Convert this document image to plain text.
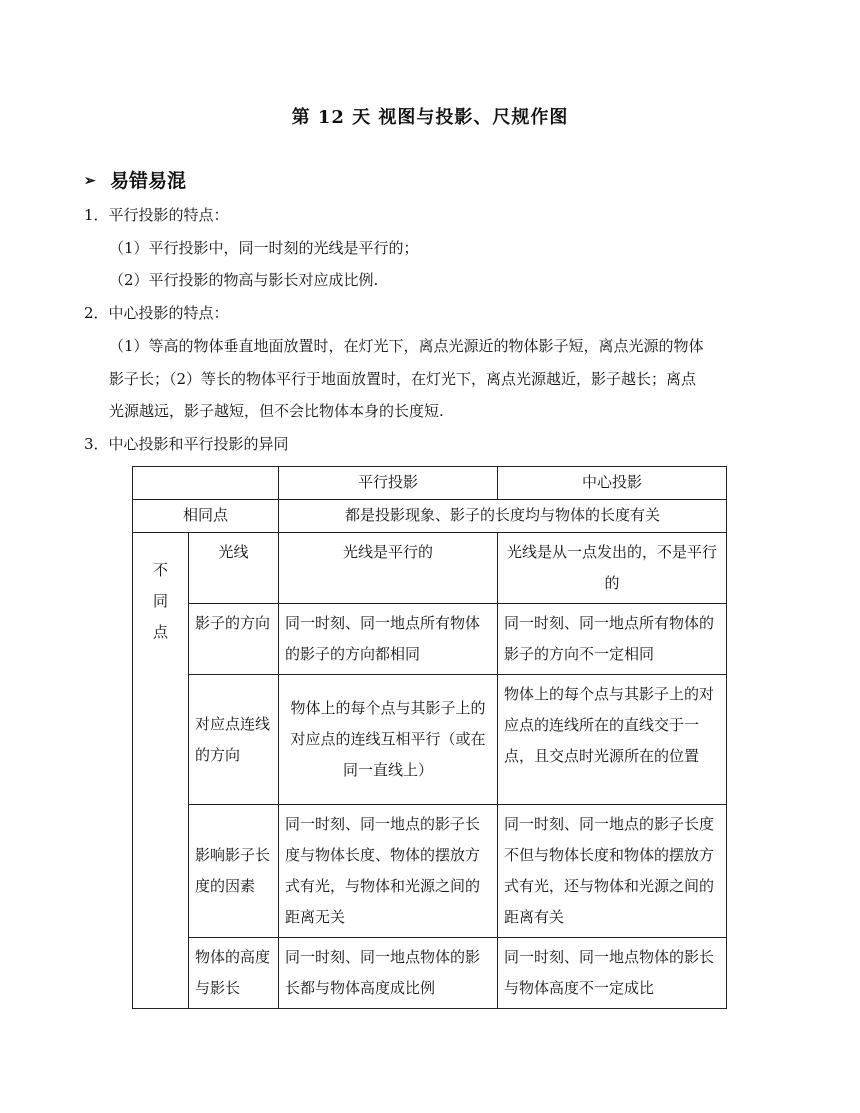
第 12 天 视图与投影、尺规作图
➢ 易错易混
1．平行投影的特点：
（1）平行投影中，同一时刻的光线是平行的；
（2）平行投影的物高与影长对应成比例.
2．中心投影的特点：
（1）等高的物体垂直地面放置时，在灯光下，离点光源近的物体影子短，离点光源的物体
影子长；（2）等长的物体平行于地面放置时，在灯光下，离点光源越近，影子越长；离点
光源越远，影子越短，但不会比物体本身的长度短.
3．中心投影和平行投影的异同
		平行投影	中心投影
相同点		都是投影现象、影子的长度均与物体的长度有关	

不同点	光线	光线是平行的	光线是从一点发出的，不是平行的
	影子的方向	同一时刻、同一地点所有物体的影子的方向都相同	同一时刻、同一地点所有物体的影子的方向不一定相同
	对应点连线的方向	物体上的每个点与其影子上的对应点的连线互相平行（或在同一直线上）	物体上的每个点与其影子上的对应点的连线所在的直线交于一点，且交点时光源所在的位置
	影响影子长度的因素	同一时刻、同一地点的影子长度与物体长度、物体的摆放方式有光，与物体和光源之间的距离无关	同一时刻、同一地点的影子长度不但与物体长度和物体的摆放方式有光，还与物体和光源之间的距离有关
	物体的高度与影长	同一时刻、同一地点物体的影长都与物体高度成比例	同一时刻、同一地点物体的影长与物体高度不一定成比
